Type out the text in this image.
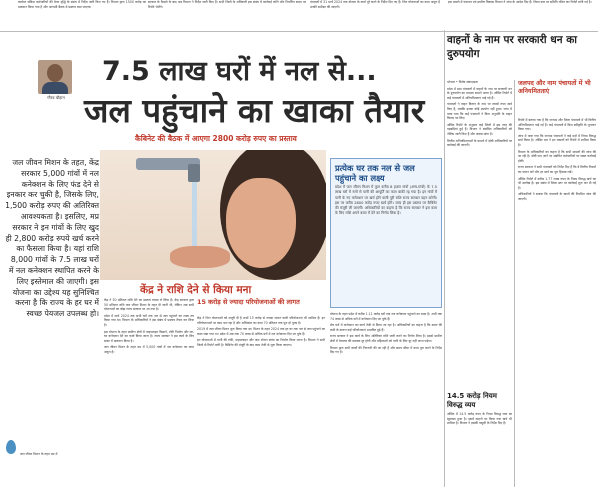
कार्यरत संविदा कर्मचारियों की वेतन वृद्धि के संबंध में निर्देश जारी किए गए हैं। विभाग द्वारा 1500 करोड़ का प्रावधान किया गया है और आगामी बैठक में प्रस्ताव रखा जाएगा।

सरकार के फैसले के बाद अब विभाग ने निर्देश जारी किए हैं। सभी जिलों के अधिकारी इस संबंध में कार्रवाई करेंगे और निर्धारित समय पर रिपोर्ट भेजेंगे।

पंचायतों में 31 मार्च 2024 तक योजना के कार्य पूरे करने के निर्देश दिए गए हैं। जिन योजनाओं का काम अधूरा है उनकी समीक्षा की जाएगी।

इस मामले में पंचायत एवं ग्रामीण विकास विभाग ने जांच के आदेश दिए हैं। जिला स्तर पर समिति गठित कर रिपोर्ट मांगी गई है।

गौरव चौहान
7.5 लाख घरों में नल से...
जल पहुंचाने का खाका तैयार
कैबिनेट की बैठक में आएगा 2800 करोड़ रुपए का प्रस्ताव
केंद्र ने राशि देने से किया मना
जल जीवन मिशन के तहत, केंद्र सरकार 5,000 गांवों में नल कनेक्शन के लिए फंड देने से इनकार कर चुकी है, जिसके लिए, 1,500 करोड़ रुपए की अतिरिक्त आवश्यकता है। इसलिए, मप्र सरकार ने इन गांवों के लिए खुद ही 2,800 करोड़ रुपये खर्च करने का फैसला किया है। यहां राशि 8,000 गांवों के 7.5 लाख घरों में नल कनेक्शन स्थापित करने के लिए इस्तेमाल की जाएगी। इस योजना का उद्देश्य यह सुनिश्चित करना है कि राज्य के हर घर में स्वच्छ पेयजल उपलब्ध हो।
प्रत्येक घर तक नल से जल पहुंचाने का लक्ष्य
प्रदेश में जल जीवन मिशन में कुल करीब 8 हजार गांवों (अन्य-गांवों) के 7.5 लाख घरों में नलों से पानी की आपूर्ति का काम बाकी रह गया है। इन गांवों में पानी के नए कनेक्शन पर खर्च होने वाली पूरी राशि राज्य सरकार वहन करेगी। इस पर करीब 2800 करोड़ रुपए खर्च होंगे। जल्द ही इस प्रस्ताव पर कैबिनेट की मंजूरी ली जाएगी। अधिकारियों का कहना है कि राज्य सरकार ने इस काम के लिए राशि अपने बजट में देने का निर्णय लिया है।

केंद्र ने 50 प्रतिशत राशि देने का प्रस्ताव वापस ले लिया है। केंद्र सरकार द्वारा 50 प्रतिशत राशि जल जीवन मिशन के तहत दी जानी थी, लेकिन अब सभी योजनाओं का बोझ राज्य सरकार पर आ गया है।

प्रदेश में मार्च 2024 तक सभी घरों तक नल से जल पहुंचाने का लक्ष्य तय किया गया था। विभाग के अधिकारियों ने इस संबंध में प्रस्ताव तैयार कर लिया है।

इस योजना के तहत ग्रामीण क्षेत्रों में पाइपलाइन बिछाने, टंकी निर्माण और घर-घर कनेक्शन देने का कार्य किया जाना है। राज्य सरकार ने इस कार्य के लिए बजट में प्रावधान किया है।

जल जीवन मिशन के तहत मप्र में 5,000 गांवों में नल कनेक्शन का काम अधूरा है।

15 करोड़ से ज्यादा परियोजनाओं की लागत

केंद्र ने जिन योजनाओं को मंजूरी दी है उनमें 15 करोड़ से ज्यादा लागत वाली परियोजनाएं भी शामिल हैं। इन परियोजनाओं पर काम चल रहा है और अधिकांश का काम 70 प्रतिशत तक पूरा हो चुका है।

2019 में जल जीवन मिशन शुरू किया गया था। मिशन के तहत 2024 तक हर घर तक नल से जल पहुंचाने का लक्ष्य रखा गया था। प्रदेश में अब तक 70 लाख से अधिक घरों में नल कनेक्शन दिए जा चुके हैं।

इन योजनाओं में पानी की टंकी, पाइपलाइन और जल शोधन संयंत्र का निर्माण किया जाना है। विभाग ने सभी जिलों से रिपोर्ट मांगी है। कैबिनेट की मंजूरी के बाद काम तेजी से शुरू किया जाएगा।

योजना के तहत प्रदेश में करीब 1.11 करोड़ घरों तक नल कनेक्शन पहुंचाने का लक्ष्य है। अभी तक 74 लाख से अधिक घरों में कनेक्शन दिए जा चुके हैं।

शेष घरों में कनेक्शन का कार्य तेजी से किया जा रहा है। अधिकारियों का कहना है कि बजट की कमी के कारण कई परियोजनाएं प्रभावित हुई हैं।

राज्य सरकार ने इस कार्य के लिए अतिरिक्त राशि जारी करने का निर्णय लिया है। इससे ग्रामीण क्षेत्रों में पेयजल की समस्या दूर होगी और महिलाओं को पानी के लिए दूर नहीं जाना पड़ेगा।

विभाग द्वारा सभी कार्यों की निगरानी की जा रही है और समय सीमा में काम पूरा करने के निर्देश दिए गए हैं।

जल जीवन मिशन के तहत मप्र में

वाहनों के नाम पर सरकारी धन का दुरुपयोग

भोपाल • विशेष संवाददाता

प्रदेश में ग्राम पंचायतों में वाहनों के नाम पर सरकारी धन के दुरुपयोग का मामला सामने आया है। ऑडिट रिपोर्ट में कई पंचायतों में अनियमितताएं पाई गई हैं।

पंचायतों ने वाहन किराए के नाम पर लाखों रुपए खर्च किए हैं, जबकि इनका कोई उपयोग नहीं हुआ। जांच में पाया गया कि कई पंचायतों ने बिना अनुमति के वाहन किराए पर लिए।

ऑडिट रिपोर्ट के अनुसार कई जिलों में इस तरह की गड़बड़ियां हुई हैं। विभाग ने संबंधित अधिकारियों को नोटिस जारी किए हैं और जवाब मांगा है।

वित्तीय अनियमितताओं के मामले में दोषी अधिकारियों पर कार्रवाई की जाएगी।

14.5 करोड़ नियम विरुद्ध व्यय

ऑडिट में 14.5 करोड़ रुपए के नियम विरुद्ध व्यय का खुलासा हुआ है। इसमें वाहनों पर किया गया खर्च भी शामिल है। विभाग ने इसकी वसूली के निर्देश दिए हैं।

जलपद और नाम पंचायतों में भी अनियमितताएं

रिपोर्ट में बताया गया है कि जनपद और जिला पंचायतों में भी वित्तीय अनियमितताएं पाई गई हैं। कई पंचायतों में बिना स्वीकृति के भुगतान किया गया।

जांच में पाया गया कि जनपद पंचायतों ने कई मदों में नियम विरुद्ध खर्च किया है। ऑडिट दल ने इन मामलों को रिपोर्ट में शामिल किया है।

विभाग के अधिकारियों का कहना है कि सभी मामलों की जांच की जा रही है। दोषी पाए जाने पर संबंधित कर्मचारियों पर सख्त कार्रवाई होगी।

राज्य सरकार ने सभी पंचायतों को निर्देश दिए हैं कि वे वित्तीय नियमों का पालन करें और हर खर्च का पूरा हिसाब रखें।

ऑडिट रिपोर्ट में करीब 1.77 लाख रुपए के नियम विरुद्ध खर्च का भी उल्लेख है। इस संबंध में जिला स्तर पर कार्रवाई शुरू कर दी गई है।

अधिकारियों ने बताया कि पंचायतों के खातों की नियमित जांच की जाएगी।
